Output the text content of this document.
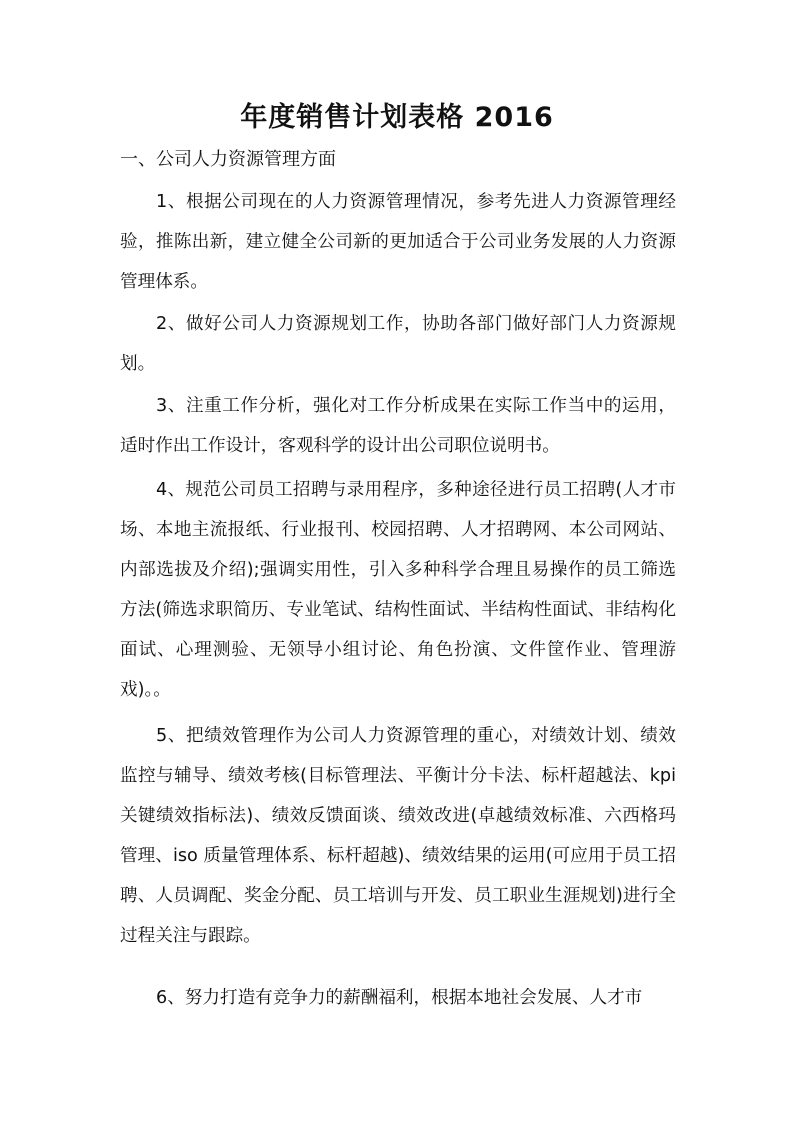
年度销售计划表格 2016
一、公司人力资源管理方面
1、根据公司现在的人力资源管理情况，参考先进人力资源管理经验，推陈出新，建立健全公司新的更加适合于公司业务发展的人力资源管理体系。
2、做好公司人力资源规划工作，协助各部门做好部门人力资源规划。
3、注重工作分析，强化对工作分析成果在实际工作当中的运用，适时作出工作设计，客观科学的设计出公司职位说明书。
4、规范公司员工招聘与录用程序，多种途径进行员工招聘(人才市场、本地主流报纸、行业报刊、校园招聘、人才招聘网、本公司网站、内部选拔及介绍);强调实用性，引入多种科学合理且易操作的员工筛选方法(筛选求职简历、专业笔试、结构性面试、半结构性面试、非结构化面试、心理测验、无领导小组讨论、角色扮演、文件筐作业、管理游戏)。。
5、把绩效管理作为公司人力资源管理的重心，对绩效计划、绩效监控与辅导、绩效考核(目标管理法、平衡计分卡法、标杆超越法、kpi 关键绩效指标法)、绩效反馈面谈、绩效改进(卓越绩效标准、六西格玛管理、iso 质量管理体系、标杆超越)、绩效结果的运用(可应用于员工招聘、人员调配、奖金分配、员工培训与开发、员工职业生涯规划)进行全过程关注与跟踪。
6、努力打造有竞争力的薪酬福利，根据本地社会发展、人才市
